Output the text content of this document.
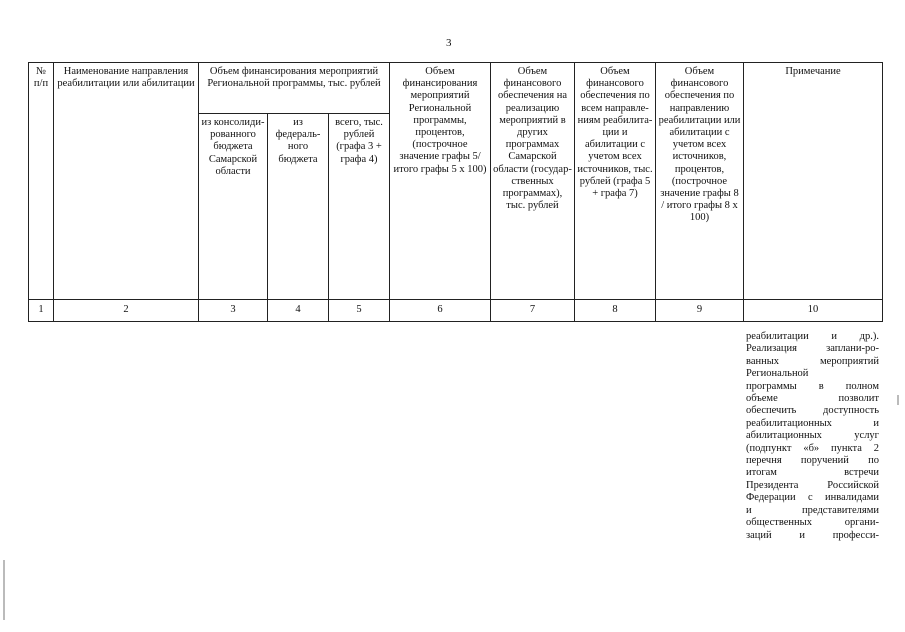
3
№ п/п	Наименование направления реабилитации или абилитации	Объем финансирования мероприятий Региональной программы, тыс. рублей			Объем финансирования мероприятий Региональной программы, процентов, (построчное значение графы 5/ итого графы 5 х 100)	Объем финансового обеспечения на реализацию мероприятий в других программах Самарской области (государ-ственных программах), тыс. рублей	Объем финансового обеспечения по всем направле-ниям реабилита-ции и абилитации с учетом всех источников, тыс. рублей (графа 5 + графа 7)	Объем финансового обеспечения по направлению реабилитации или абилитации с учетом всех источников, процентов, (построчное значение графы 8 / итого графы 8 х 100)	Примечание
		из консолиди-рованного бюджета Самарской области	из федераль-ного бюджета	всего, тыс. рублей (графа 3 + графа 4)					
1	2	3	4	5	6	7	8	9	10
реабилитации и др.).
Реализация заплани-ро-
ванных мероприятий
Региональной
программы в полном
объеме позволит
обеспечить доступность
реабилитационных и
абилитационных услуг
(подпункт «б» пункта 2
перечня поручений по
итогам встречи
Президента Российской
Федерации с инвалидами
и представителями
общественных органи-
заций и професси-
